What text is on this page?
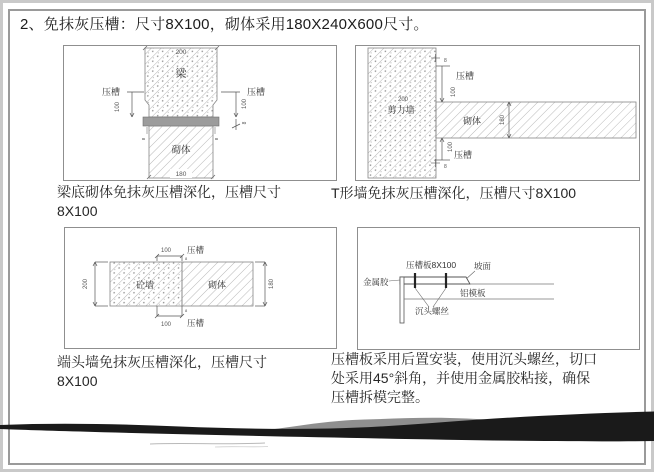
2、免抹灰压槽：尺寸8X100，砌体采用180X240X600尺寸。
200
梁
砌体
180
压槽
100
压槽
100
8
8	8
8
8
压槽
100
100
压槽
200
剪力墙
砌体	180
200	180
100 压槽
8
100 压槽
8
砼墙	砌体
压槽板8X100 坡面
金属胶
铝模板
沉头螺丝
梁底砌体免抹灰压槽深化，压槽尺寸
8X100
T形墙免抹灰压槽深化，压槽尺寸8X100
端头墙免抹灰压槽深化，压槽尺寸
8X100
压槽板采用后置安装，使用沉头螺丝，切口处采用45°斜角，并使用金属胶粘接，确保压槽拆模完整。
